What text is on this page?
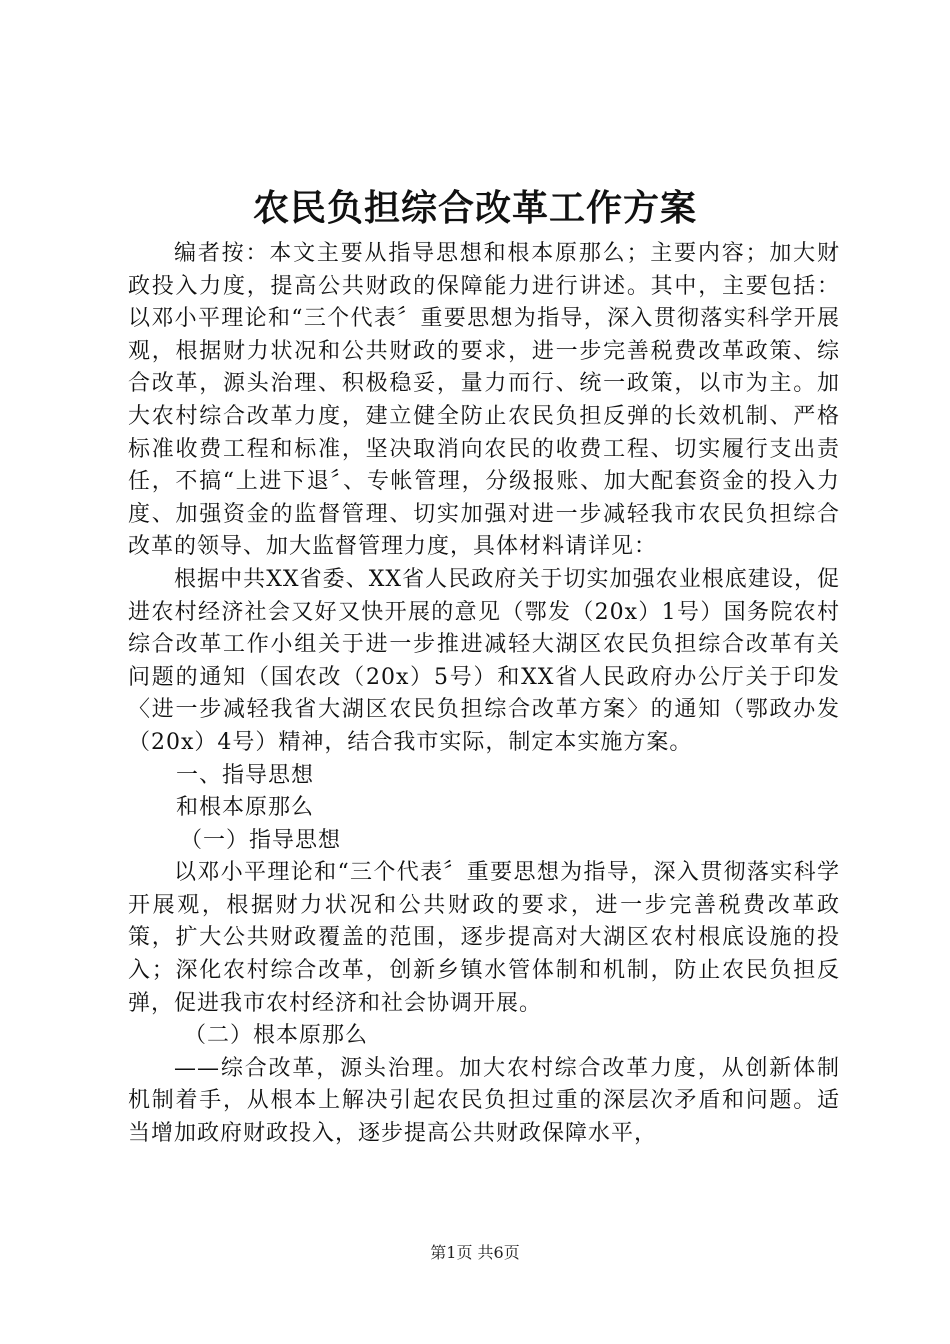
农民负担综合改革工作方案

编者按：本文主要从指导思想和根本原那么；主要内容；加大财政投入力度，提高公共财政的保障能力进行讲述。其中，主要包括：以邓小平理论和“三个代表〞重要思想为指导，深入贯彻落实科学开展观，根据财力状况和公共财政的要求，进一步完善税费改革政策、综合改革，源头治理、积极稳妥，量力而行、统一政策，以市为主。加大农村综合改革力度，建立健全防止农民负担反弹的长效机制、严格标准收费工程和标准，坚决取消向农民的收费工程、切实履行支出责任，不搞“上进下退〞、专帐管理，分级报账、加大配套资金的投入力度、加强资金的监督管理、切实加强对进一步减轻我市农民负担综合改革的领导、加大监督管理力度，具体材料请详见：

根据中共XX省委、XX省人民政府关于切实加强农业根底建设，促进农村经济社会又好又快开展的意见（鄂发（20x）1号）国务院农村综合改革工作小组关于进一步推进减轻大湖区农民负担综合改革有关问题的通知（国农改（20x）5号）和XX省人民政府办公厅关于印发〈进一步减轻我省大湖区农民负担综合改革方案〉的通知（鄂政办发（20x）4号）精神，结合我市实际，制定本实施方案。

一、指导思想

和根本原那么

（一）指导思想

以邓小平理论和“三个代表〞重要思想为指导，深入贯彻落实科学开展观，根据财力状况和公共财政的要求，进一步完善税费改革政策，扩大公共财政覆盖的范围，逐步提高对大湖区农村根底设施的投入；深化农村综合改革，创新乡镇水管体制和机制，防止农民负担反弹，促进我市农村经济和社会协调开展。

（二）根本原那么

——综合改革，源头治理。加大农村综合改革力度，从创新体制机制着手，从根本上解决引起农民负担过重的深层次矛盾和问题。适当增加政府财政投入，逐步提高公共财政保障水平，

第1页 共6页
